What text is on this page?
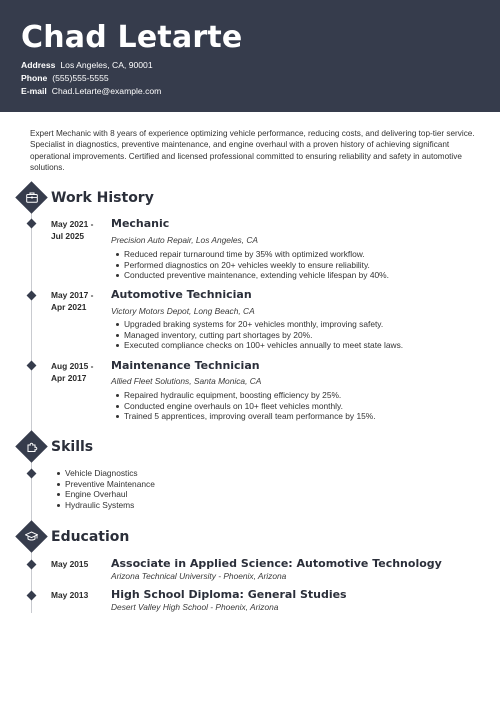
Chad Letarte
Address Los Angeles, CA, 90001
Phone (555)555-5555
E-mail Chad.Letarte@example.com
Expert Mechanic with 8 years of experience optimizing vehicle performance, reducing costs, and delivering top-tier service. Specialist in diagnostics, preventive maintenance, and engine overhaul with a proven history of achieving significant operational improvements. Certified and licensed professional committed to ensuring reliability and safety in automotive solutions.
Work History
May 2021 -
Jul 2025
Mechanic
Precision Auto Repair, Los Angeles, CA
Reduced repair turnaround time by 35% with optimized workflow.
Performed diagnostics on 20+ vehicles weekly to ensure reliability.
Conducted preventive maintenance, extending vehicle lifespan by 40%.
May 2017 -
Apr 2021
Automotive Technician
Victory Motors Depot, Long Beach, CA
Upgraded braking systems for 20+ vehicles monthly, improving safety.
Managed inventory, cutting part shortages by 20%.
Executed compliance checks on 100+ vehicles annually to meet state laws.
Aug 2015 -
Apr 2017
Maintenance Technician
Allied Fleet Solutions, Santa Monica, CA
Repaired hydraulic equipment, boosting efficiency by 25%.
Conducted engine overhauls on 10+ fleet vehicles monthly.
Trained 5 apprentices, improving overall team performance by 15%.
Skills
Vehicle Diagnostics
Preventive Maintenance
Engine Overhaul
Hydraulic Systems
Education
May 2015 Associate in Applied Science: Automotive Technology
Arizona Technical University - Phoenix, Arizona
May 2013 High School Diploma: General Studies
Desert Valley High School - Phoenix, Arizona
